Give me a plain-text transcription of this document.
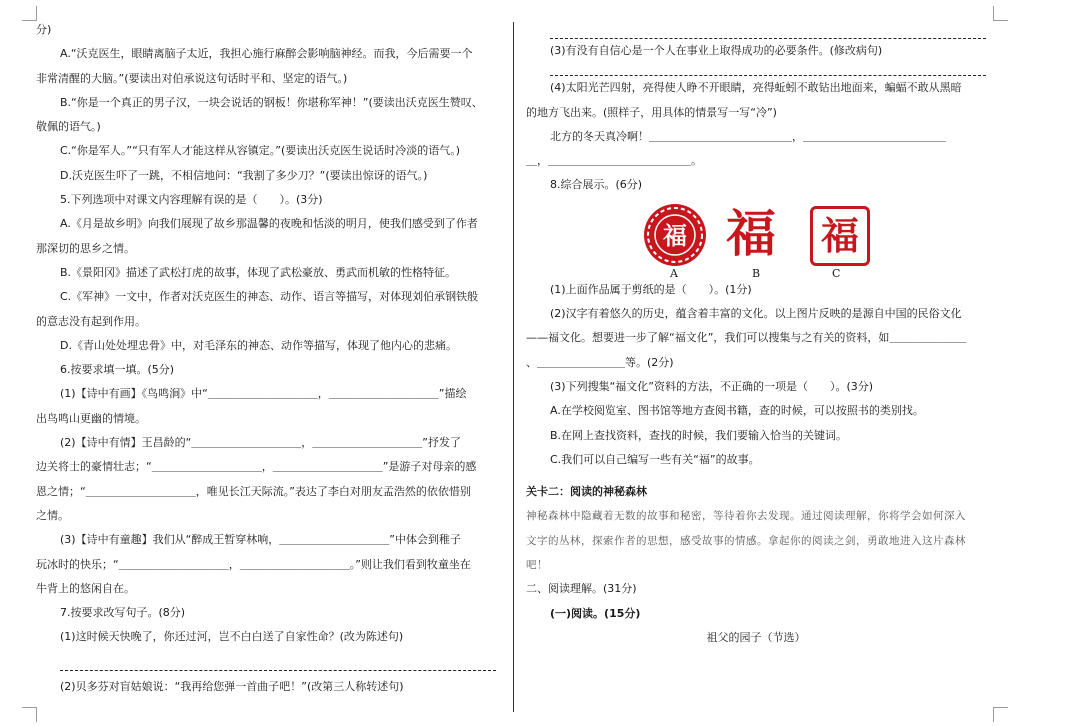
分)
A.“沃克医生，眼睛离脑子太近，我担心施行麻醉会影响脑神经。而我，今后需要一个
非常清醒的大脑。”(要读出对伯承说这句话时平和、坚定的语气。)
B.“你是一个真正的男子汉，一块会说话的钢板！你堪称军神！”(要读出沃克医生赞叹、
敬佩的语气。)
C.“你是军人。”“只有军人才能这样从容镇定。”(要读出沃克医生说话时冷淡的语气。)
D.沃克医生吓了一跳，不相信地问：“我割了多少刀？”(要读出惊讶的语气。)
5.下列选项中对课文内容理解有误的是（　　）。(3分)
A.《月是故乡明》向我们展现了故乡那温馨的夜晚和恬淡的明月，使我们感受到了作者
那深切的思乡之情。
B.《景阳冈》描述了武松打虎的故事，体现了武松豪放、勇武而机敏的性格特征。
C.《军神》一文中，作者对沃克医生的神态、动作、语言等描写，对体现刘伯承钢铁般
的意志没有起到作用。
D.《青山处处埋忠骨》中，对毛泽东的神态、动作等描写，体现了他内心的悲痛。
6.按要求填一填。(5分)
(1)【诗中有画】《鸟鸣涧》中“＿＿＿＿＿＿＿＿＿＿，＿＿＿＿＿＿＿＿＿＿”描绘
出鸟鸣山更幽的情境。
(2)【诗中有情】王昌龄的“＿＿＿＿＿＿＿＿＿＿，＿＿＿＿＿＿＿＿＿＿”抒发了
边关将士的豪情壮志；“＿＿＿＿＿＿＿＿＿＿，＿＿＿＿＿＿＿＿＿＿”是游子对母亲的感
恩之情；“＿＿＿＿＿＿＿＿＿＿，唯见长江天际流。”表达了李白对朋友孟浩然的依依惜别
之情。
(3)【诗中有童趣】我们从“醉成王暂穿林响，＿＿＿＿＿＿＿＿＿＿”中体会到稚子
玩冰时的快乐；“＿＿＿＿＿＿＿＿＿＿，＿＿＿＿＿＿＿＿＿＿。”则让我们看到牧童坐在
牛背上的悠闲自在。
7.按要求改写句子。(8分)
(1)这时候天快晚了，你还过河，岂不白白送了自家性命？(改为陈述句)
(2)贝多芬对盲姑娘说：“我再给您弹一首曲子吧！”(改第三人称转述句)
(3)有没有自信心是一个人在事业上取得成功的必要条件。(修改病句)
(4)太阳光芒四射，亮得使人睁不开眼睛，亮得蚯蚓不敢钻出地面来，蝙蝠不敢从黑暗
的地方飞出来。(照样子，用具体的情景写一写“冷”)
北方的冬天真冷啊！＿＿＿＿＿＿＿＿＿＿＿＿＿，＿＿＿＿＿＿＿＿＿＿＿＿＿
＿，＿＿＿＿＿＿＿＿＿＿＿＿＿。
8.综合展示。(6分)
福 福 福
A	B	C
(1)上面作品属于剪纸的是（　　）。(1分)
(2)汉字有着悠久的历史，蕴含着丰富的文化。以上图片反映的是源自中国的民俗文化
——福文化。想要进一步了解“福文化”，我们可以搜集与之有关的资料，如＿＿＿＿＿＿＿
、＿＿＿＿＿＿＿＿等。(2分)
(3)下列搜集“福文化”资料的方法，不正确的一项是（　　）。(3分)
A.在学校阅览室、图书馆等地方查阅书籍，查的时候，可以按照书的类别找。
B.在网上查找资料，查找的时候，我们要输入恰当的关键词。
C.我们可以自己编写一些有关“福”的故事。
关卡二：阅读的神秘森林
神秘森林中隐藏着无数的故事和秘密，等待着你去发现。通过阅读理解，你将学会如何深入
文字的丛林，探索作者的思想，感受故事的情感。拿起你的阅读之剑，勇敢地进入这片森林
吧！
二、阅读理解。(31分)
(一)阅读。(15分)
祖父的园子（节选）
